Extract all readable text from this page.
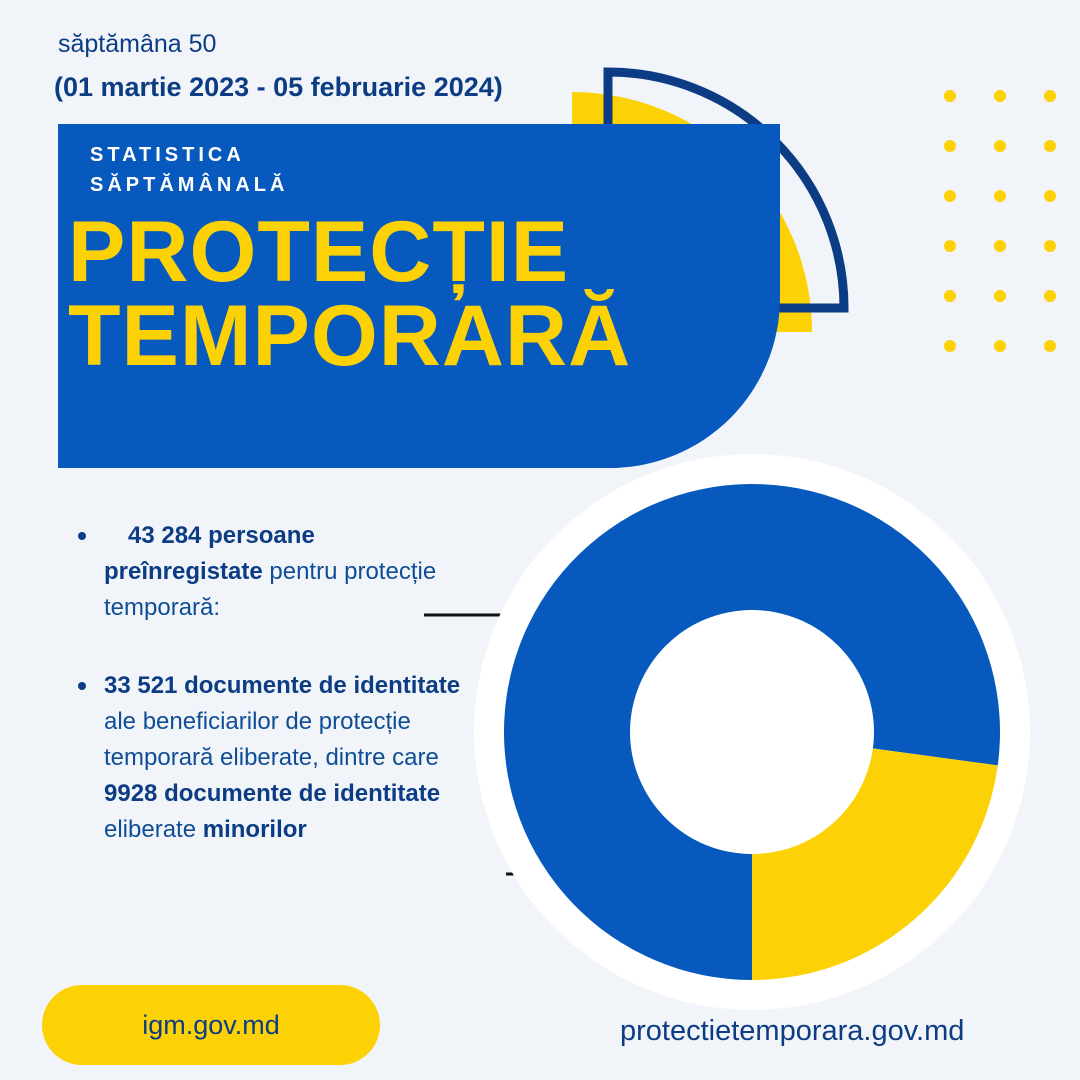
săptămâna 50
(01 martie 2023 - 05 februarie 2024)
STATISTICA
SĂPTĂMÂNALĂ
PROTECȚIE
TEMPORARĂ
43 284 persoane preînregistate pentru protecție temporară:
33 521 documente de identitate ale beneficiarilor de protecție temporară eliberate, dintre care 9928 documente de identitate eliberate minorilor
igm.gov.md	protectietemporara.gov.md
